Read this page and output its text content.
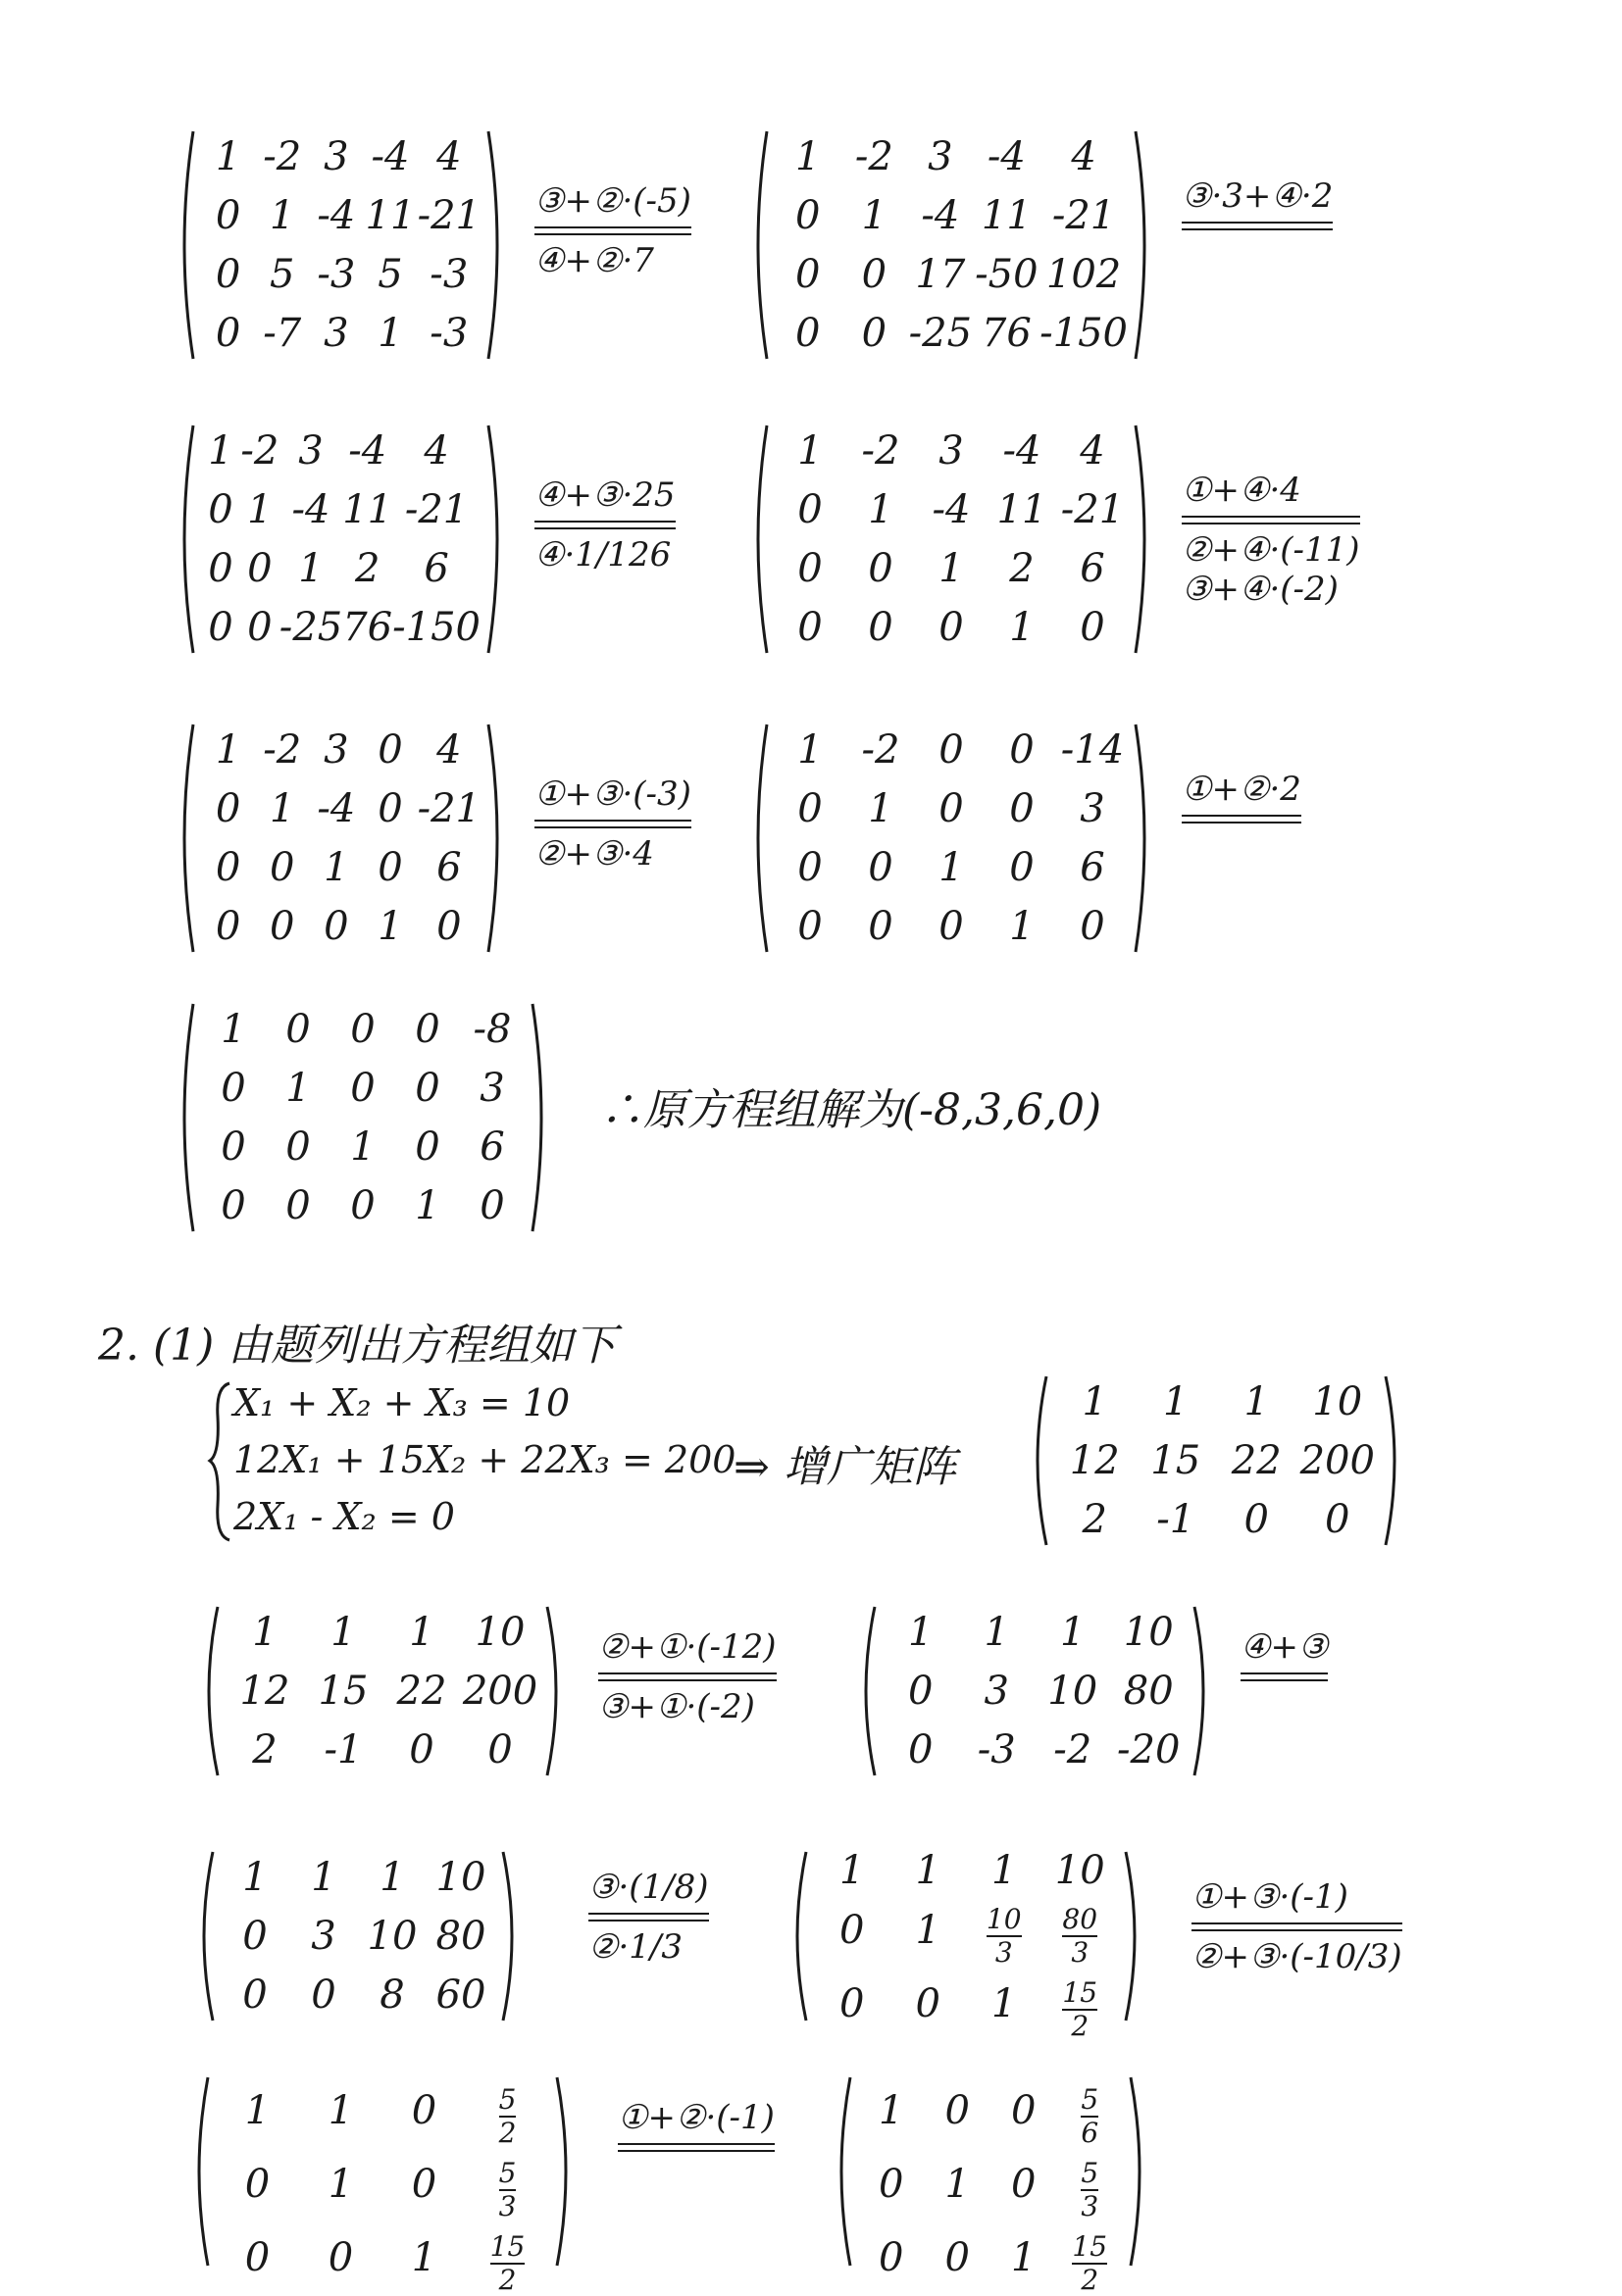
1 -2 3 -4 4
0 1 -4 11 -21
0 5 -3 5 -3
0 -7 3 1 -3
③+②·(-5)
④+②·7
1 -2 3 -4 4
0 1 -4 11 -21
0 0 17 -50 102
0 0 -25 76 -150
③·3+④·2
1 -2 3 -4 4
0 1 -4 11 -21
0 0 1 2 6
0 0 -25 76 -150
④+③·25
④·1/126
1 -2 3 -4 4
0 1 -4 11 -21
0 0 1 2 6
0 0 0 1 0
①+④·4
②+④·(-11)
③+④·(-2)
1 -2 3 0 4
0 1 -4 0 -21
0 0 1 0 6
0 0 0 1 0
①+③·(-3)
②+③·4
1 -2 0 0 -14
0 1 0 0 3
0 0 1 0 6
0 0 0 1 0
①+②·2
1 0 0 0 -8
0 1 0 0 3
0 0 1 0 6
0 0 0 1 0
1 1 1 10
12 15 22 200
2 -1 0 0
1 1 1 10
12 15 22 200
2 -1 0 0
②+①·(-12)
③+①·(-2)
1 1 1 10
0 3 10 80
0 -3 -2 -20
④+③
1 1 1 10
0 3 10 80
0 0 8 60
③·(1/8)
②·1/3
1 1 1 10
0 $1 \frac{10}{3} \frac{80}{3}$
0 0 $1 \frac{15}{2}$
①+③·(-1)
②+③·(-10/3)
1 1 $0 \frac{5}{2}$
0 1 $0 \frac{5}{3}$
0 0 $1 \frac{15}{2}$
①+②·(-1)	1 0 $0 \frac{5}{6}$
0 1 $0 \frac{5}{3}$
0 0 $1 \frac{15}{2}$
∴原方程组解为(-8,3,6,0)
2. (1) 由题列出方程组如下
X₁ + X₂ + X₃ = 10
12X₁ + 15X₂ + 22X₃ = 200
2X₁ - X₂ = 0
⇒ 增广矩阵
